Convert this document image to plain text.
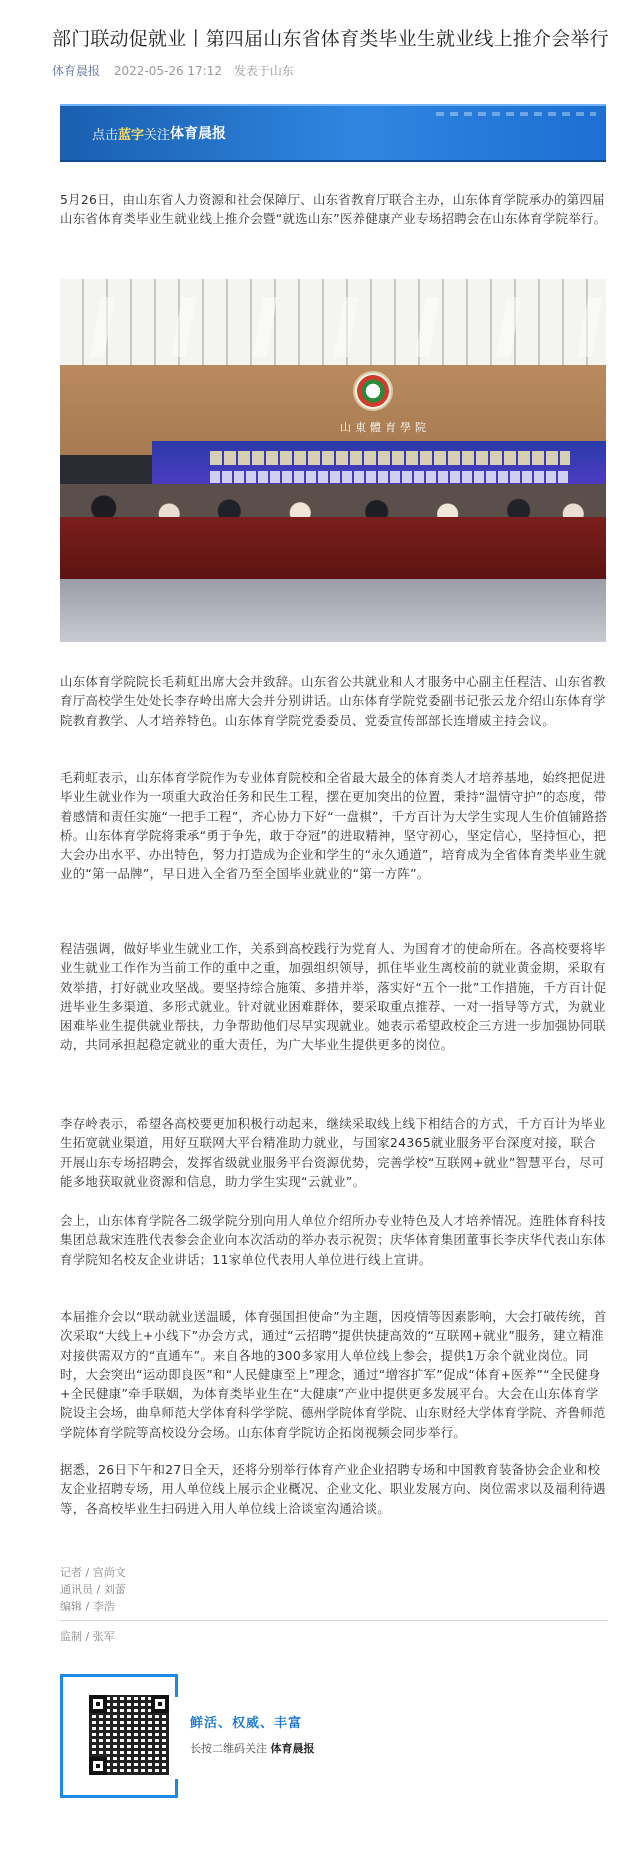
部门联动促就业丨第四届山东省体育类毕业生就业线上推介会举行
体育晨报 2022-05-26 17:12 发表于山东
点击 蓝字 关注 体育晨报

5月26日，由山东省人力资源和社会保障厅、山东省教育厅联合主办，山东体育学院承办的第四届山东省体育类毕业生就业线上推介会暨“就选山东”医养健康产业专场招聘会在山东体育学院举行。

山東體育學院

山东体育学院院长毛莉虹出席大会并致辞。山东省公共就业和人才服务中心副主任程洁、山东省教育厅高校学生处处长李存岭出席大会并分别讲话。山东体育学院党委副书记张云龙介绍山东体育学院教育教学、人才培养特色。山东体育学院党委委员、党委宣传部部长连增威主持会议。

毛莉虹表示，山东体育学院作为专业体育院校和全省最大最全的体育类人才培养基地，始终把促进毕业生就业作为一项重大政治任务和民生工程，摆在更加突出的位置，秉持“温情守护”的态度，带着感情和责任实施“一把手工程”，齐心协力下好“一盘棋”，千方百计为大学生实现人生价值铺路搭桥。山东体育学院将秉承“勇于争先，敢于夺冠”的进取精神，坚守初心，坚定信心，坚持恒心，把大会办出水平、办出特色，努力打造成为企业和学生的“永久通道”，培育成为全省体育类毕业生就业的“第一品牌”，早日进入全省乃至全国毕业就业的“第一方阵”。

程洁强调，做好毕业生就业工作，关系到高校践行为党育人、为国育才的使命所在。各高校要将毕业生就业工作作为当前工作的重中之重，加强组织领导，抓住毕业生离校前的就业黄金期，采取有效举措，打好就业攻坚战。要坚持综合施策、多措并举，落实好“五个一批”工作措施，千方百计促进毕业生多渠道、多形式就业。针对就业困难群体，要采取重点推荐、一对一指导等方式，为就业困难毕业生提供就业帮扶，力争帮助他们尽早实现就业。她表示希望政校企三方进一步加强协同联动，共同承担起稳定就业的重大责任，为广大毕业生提供更多的岗位。

李存岭表示，希望各高校要更加积极行动起来，继续采取线上线下相结合的方式，千方百计为毕业生拓宽就业渠道，用好互联网大平台精准助力就业，与国家24365就业服务平台深度对接，联合开展山东专场招聘会，发挥省级就业服务平台资源优势，完善学校“互联网+就业”智慧平台，尽可能多地获取就业资源和信息，助力学生实现“云就业”。

会上，山东体育学院各二级学院分别向用人单位介绍所办专业特色及人才培养情况。连胜体育科技集团总裁宋连胜代表参会企业向本次活动的举办表示祝贺；庆华体育集团董事长李庆华代表山东体育学院知名校友企业讲话；11家单位代表用人单位进行线上宣讲。

本届推介会以“联动就业送温暖，体育强国担使命”为主题，因疫情等因素影响，大会打破传统，首次采取“大线上+小线下”办会方式，通过“云招聘”提供快捷高效的“互联网+就业”服务，建立精准对接供需双方的“直通车”。来自各地的300多家用人单位线上参会，提供1万余个就业岗位。同时，大会突出“运动即良医”和“人民健康至上”理念，通过“增容扩军”促成“体育+医养”“全民健身+全民健康”牵手联姻，为体育类毕业生在“大健康”产业中提供更多发展平台。大会在山东体育学院设主会场，曲阜师范大学体育科学学院、德州学院体育学院、山东财经大学体育学院、齐鲁师范学院体育学院等高校设分会场。山东体育学院访企拓岗视频会同步举行。

据悉，26日下午和27日全天，还将分别举行体育产业企业招聘专场和中国教育装备协会企业和校友企业招聘专场，用人单位线上展示企业概况、企业文化、职业发展方向、岗位需求以及福利待遇等，各高校毕业生扫码进入用人单位线上洽谈室沟通洽谈。

记者 / 宫尚文
通讯员 / 刘蕾
编辑 / 李浩
监制 / 张军
鲜活、权威、丰富
长按二维码关注 体育晨报
